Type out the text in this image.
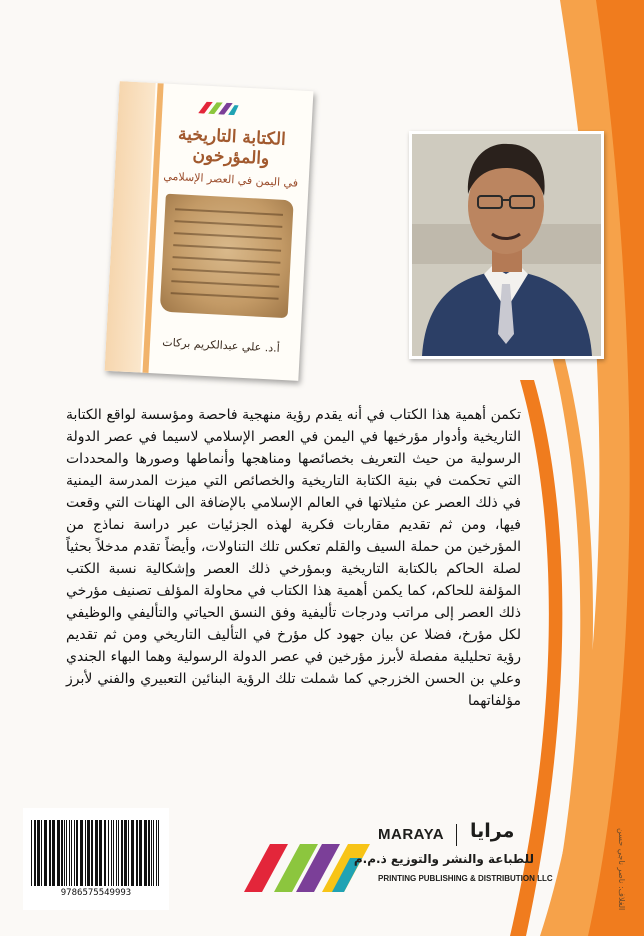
الكتابة التاريخية والمؤرخون
في اليمن في العصر الإسلامي
أ.د. علي عبدالكريم بركات
تكمن أهمية هذا الكتاب في أنه يقدم رؤية منهجية فاحصة ومؤسسة لواقع الكتابة التاريخية وأدوار مؤرخيها في اليمن في العصر الإسلامي لاسيما في عصر الدولة الرسولية من حيث التعريف بخصائصها ومناهجها وأنماطها وصورها والمحددات التي تحكمت في بنية الكتابة التاريخية والخصائص التي ميزت المدرسة اليمنية في ذلك العصر عن مثيلاتها في العالم الإسلامي بالإضافة الى الهنات التي وقعت فيها، ومن ثم تقديم مقاربات فكرية لهذه الجزئيات عبر دراسة نماذج من المؤرخين من حملة السيف والقلم تعكس تلك التناولات، وأيضاً تقدم مدخلاً بحثياً لصلة الحاكم بالكتابة التاريخية وبمؤرخي ذلك العصر وإشكالية نسبة الكتب المؤلفة للحاكم، كما يكمن أهمية هذا الكتاب في محاولة المؤلف تصنيف مؤرخي ذلك العصر إلى مراتب ودرجات تأليفية وفق النسق الحياتي والتأليفي والوظيفي لكل مؤرخ، فضلا عن بيان جهود كل مؤرخ في التأليف التاريخي ومن ثم تقديم رؤية تحليلية مفصلة لأبرز مؤرخين في عصر الدولة الرسولية وهما البهاء الجندي وعلي بن الحسن الخزرجي كما شملت تلك الرؤية البنائين التعبيري والفني لأبرز مؤلفاتهما
الغلاف: ناصر ناجي حسن
9786575549993
MARAYA مرايا
للطباعة والنشر والتوزيع ذ.م.م
PRINTING PUBLISHING & DISTRIBUTION LLC
